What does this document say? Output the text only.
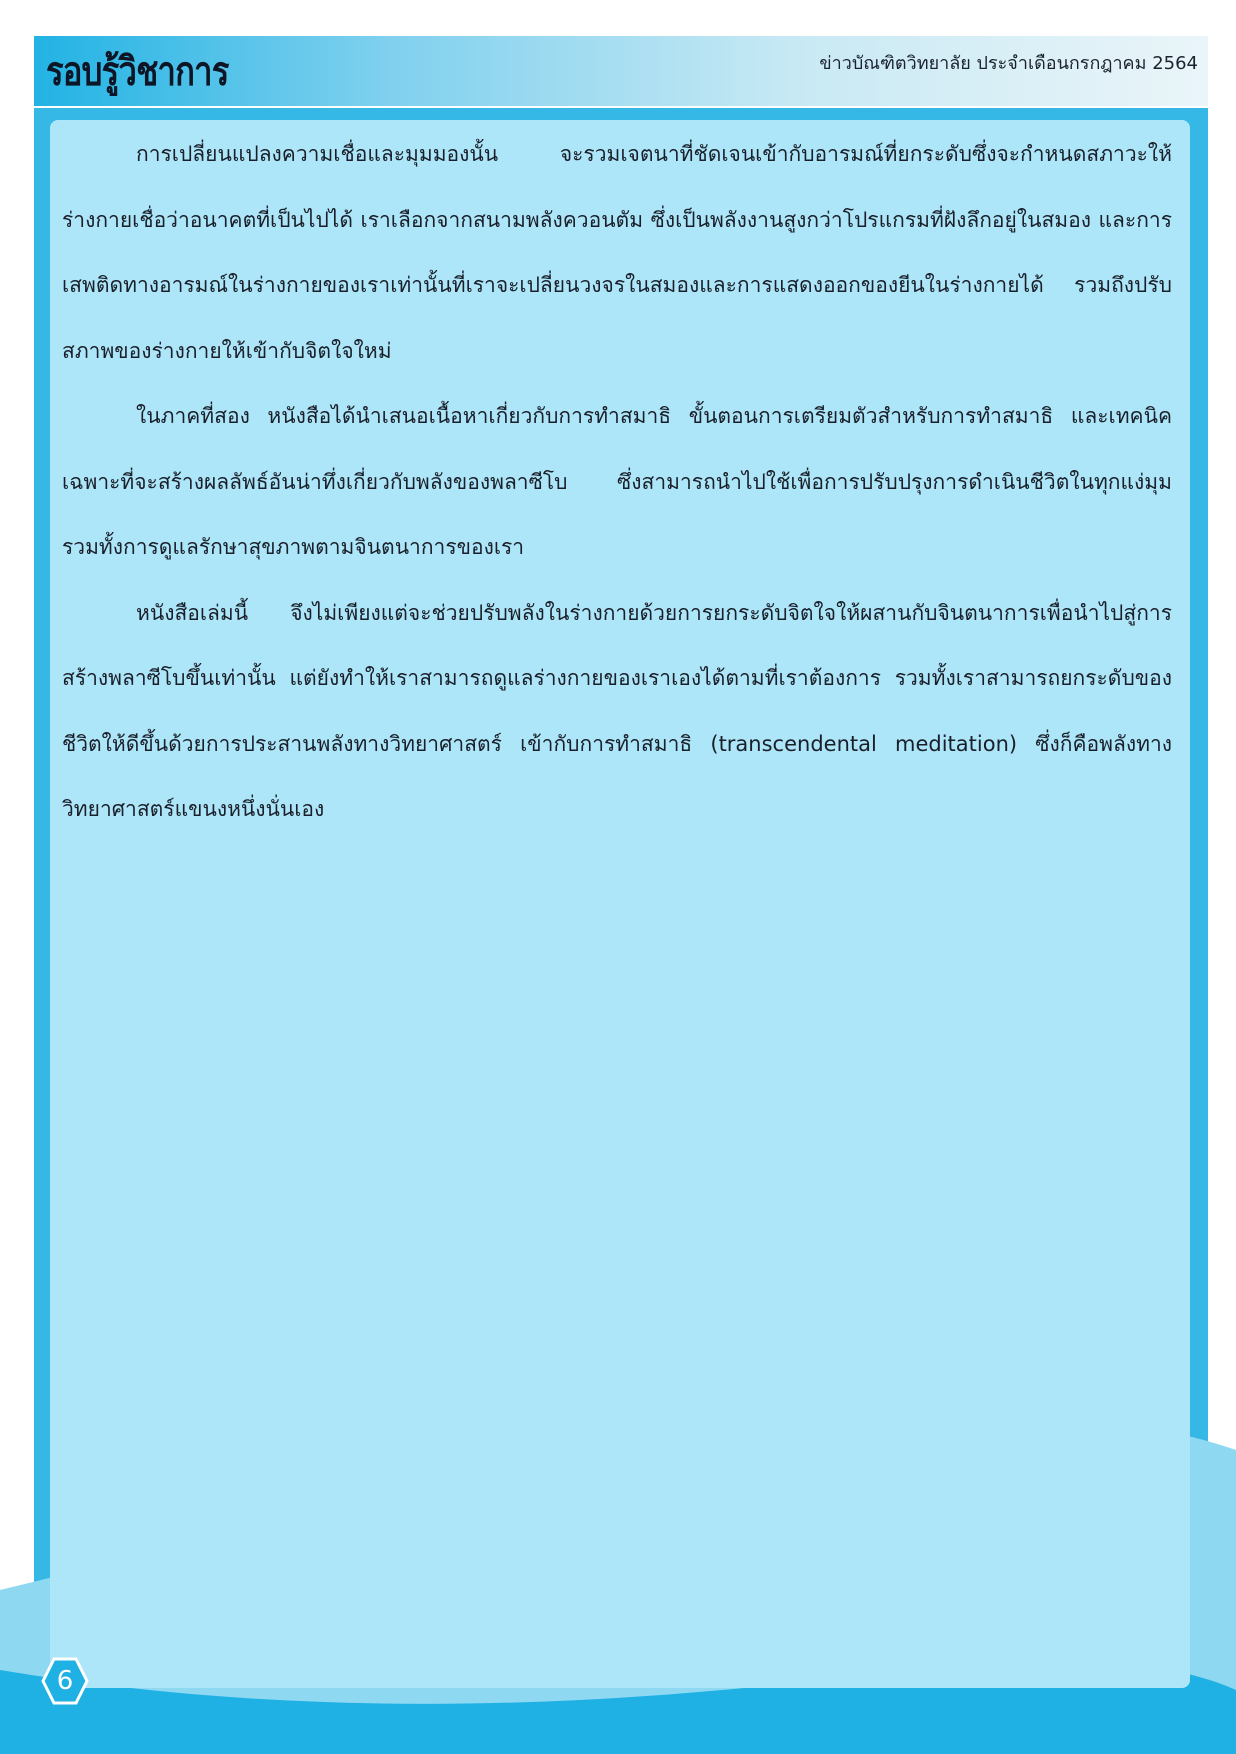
รอบรู้วิชาการ	ข่าวบัณฑิตวิทยาลัย ประจำเดือนกรกฎาคม 2564

การเปลี่ยนแปลงความเชื่อและมุมมองนั้น จะรวมเจตนาที่ชัดเจนเข้ากับอารมณ์ที่ยกระดับซึ่งจะกำหนดสภาวะให้ร่างกายเชื่อว่าอนาคตที่เป็นไปได้ เราเลือกจากสนามพลังควอนตัม ซึ่งเป็นพลังงานสูงกว่าโปรแกรมที่ฝังลึกอยู่ในสมอง และการเสพติดทางอารมณ์ในร่างกายของเราเท่านั้นที่เราจะเปลี่ยนวงจรในสมองและการแสดงออกของยีนในร่างกายได้ รวมถึงปรับสภาพของร่างกายให้เข้ากับจิตใจใหม่

ในภาคที่สอง หนังสือได้นำเสนอเนื้อหาเกี่ยวกับการทำสมาธิ ขั้นตอนการเตรียมตัวสำหรับการทำสมาธิ และเทคนิคเฉพาะที่จะสร้างผลลัพธ์อันน่าทึ่งเกี่ยวกับพลังของพลาซีโบ ซึ่งสามารถนำไปใช้เพื่อการปรับปรุงการดำเนินชีวิตในทุกแง่มุม รวมทั้งการดูแลรักษาสุขภาพตามจินตนาการของเรา

หนังสือเล่มนี้ จึงไม่เพียงแต่จะช่วยปรับพลังในร่างกายด้วยการยกระดับจิตใจให้ผสานกับจินตนาการเพื่อนำไปสู่การสร้างพลาซีโบขึ้นเท่านั้น แต่ยังทำให้เราสามารถดูแลร่างกายของเราเองได้ตามที่เราต้องการ รวมทั้งเราสามารถยกระดับของชีวิตให้ดีขึ้นด้วยการประสานพลังทางวิทยาศาสตร์ เข้ากับการทำสมาธิ (transcendental meditation) ซึ่งก็คือพลังทางวิทยาศาสตร์แขนงหนึ่งนั่นเอง

6
